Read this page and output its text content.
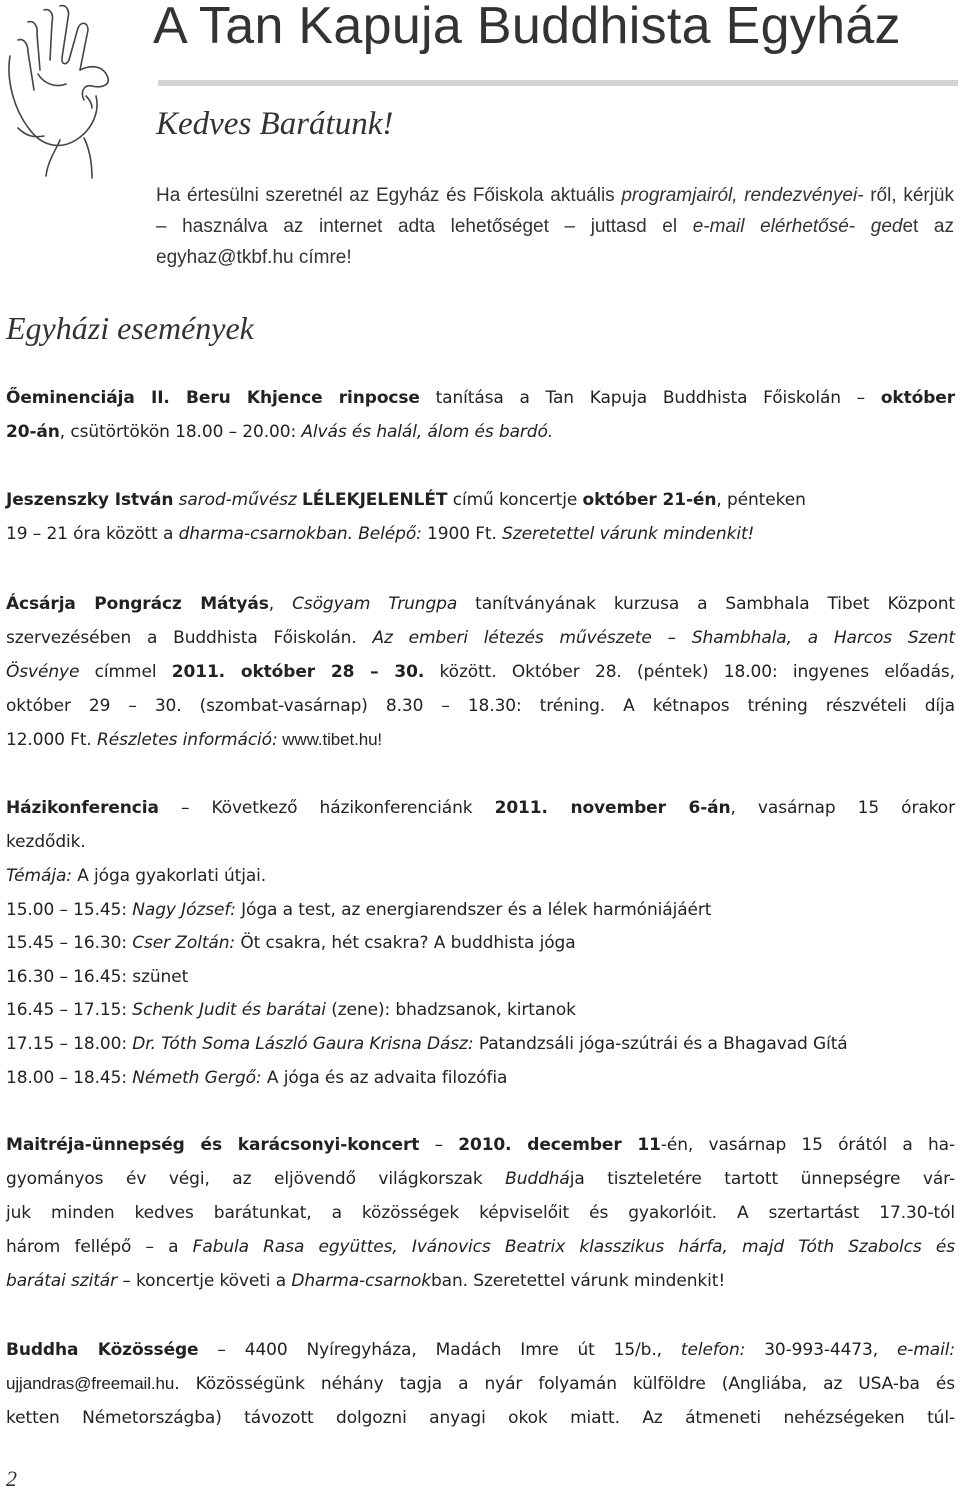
A Tan Kapuja Buddhista Egyház
Kedves Barátunk!
Ha értesülni szeretnél az Egyház és Főiskola aktuális programjairól, rendezvényei- ről, kérjük – használva az internet adta lehetőséget – juttasd el e-mail elérhetősé- gedet az egyhaz@tkbf.hu címre!
Egyházi események
Őeminenciája II. Beru Khjence rinpocse tanítása a Tan Kapuja Buddhista Főiskolán – október
20-án, csütörtökön 18.00 – 20.00: Alvás és halál, álom és bardó.
Jeszenszky István sarod-művész LÉLEKJELENLÉT című koncertje október 21-én, pénteken
19 – 21 óra között a dharma-csarnokban. Belépő: 1900 Ft. Szeretettel várunk mindenkit!
Ácsárja Pongrácz Mátyás, Csögyam Trungpa tanítványának kurzusa a Sambhala Tibet Központ
szervezésében a Buddhista Főiskolán. Az emberi létezés művészete – Shambhala, a Harcos Szent
Ösvénye címmel 2011. október 28 – 30. között. Október 28. (péntek) 18.00: ingyenes előadás,
október 29 – 30. (szombat-vasárnap) 8.30 – 18.30: tréning. A kétnapos tréning részvételi díja
12.000 Ft. Részletes információ: www.tibet.hu!
Házikonferencia – Következő házikonferenciánk 2011. november 6-án, vasárnap 15 órakor
kezdődik.
Témája: A jóga gyakorlati útjai.
15.00 – 15.45: Nagy József: Jóga a test, az energiarendszer és a lélek harmóniájáért
15.45 – 16.30: Cser Zoltán: Öt csakra, hét csakra? A buddhista jóga
16.30 – 16.45: szünet
16.45 – 17.15: Schenk Judit és barátai (zene): bhadzsanok, kirtanok
17.15 – 18.00: Dr. Tóth Soma László Gaura Krisna Dász: Patandzsáli jóga-szútrái és a Bhagavad Gítá
18.00 – 18.45: Németh Gergő: A jóga és az advaita filozófia
Maitréja-ünnepség és karácsonyi-koncert – 2010. december 11-én, vasárnap 15 órától a ha-
gyományos év végi, az eljövendő világkorszak Buddhája tiszteletére tartott ünnepségre vár-
juk minden kedves barátunkat, a közösségek képviselőit és gyakorlóit. A szertartást 17.30-tól
három fellépő – a Fabula Rasa együttes, Ivánovics Beatrix klasszikus hárfa, majd Tóth Szabolcs és
barátai szitár – koncertje követi a Dharma-csarnokban. Szeretettel várunk mindenkit!
Buddha Közössége – 4400 Nyíregyháza, Madách Imre út 15/b., telefon: 30-993-4473, e-mail:
ujjandras@freemail.hu. Közösségünk néhány tagja a nyár folyamán külföldre (Angliába, az USA-ba és
ketten Németországba) távozott dolgozni anyagi okok miatt. Az átmeneti nehézségeken túl-
2
